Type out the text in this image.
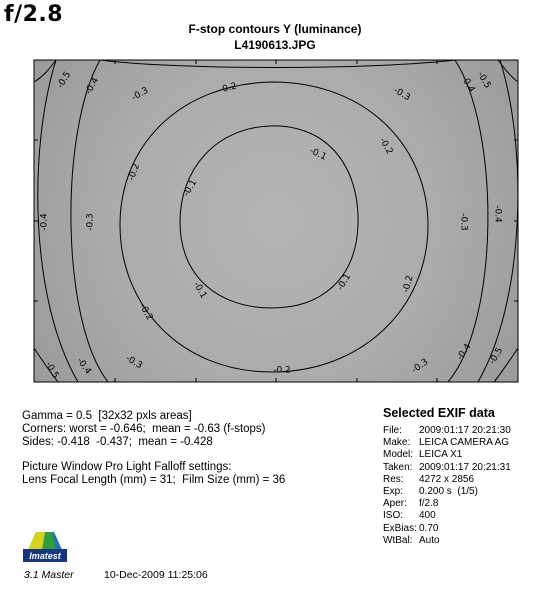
f/2.8
F-stop contours Y (luminance)
L4190613.JPG
-0.1
-0.1
-0.1
-0.1
-0.2
-0.2
-0.2
-0.2
-0.2
-0.2
-0.3	-0.3
-0.3	-0.3
-0.3	-0.3
-0.4	-0.4
-0.4	-0.4
-0.4
-0.4
-0.5	-0.5
-0.5
-0.5
Gamma = 0.5  [32x32 pxls areas]
Corners: worst = -0.646;  mean = -0.63 (f-stops)
Sides: -0.418  -0.437;  mean = -0.428
Picture Window Pro Light Falloff settings:
Lens Focal Length (mm) = 31;  Film Size (mm) = 36
Selected EXIF data
File: 2009:01:17 20:21:30
Make: LEICA CAMERA AG
Model: LEICA X1
Taken: 2009:01:17 20:21:31
Res: 4272 x 2856
Exp: 0.200 s  (1/5)
Aper: f/2.8
ISO: 400
ExBias: 0.70
WtBal: Auto
Imatest
3.1 Master	10-Dec-2009 11:25:06
